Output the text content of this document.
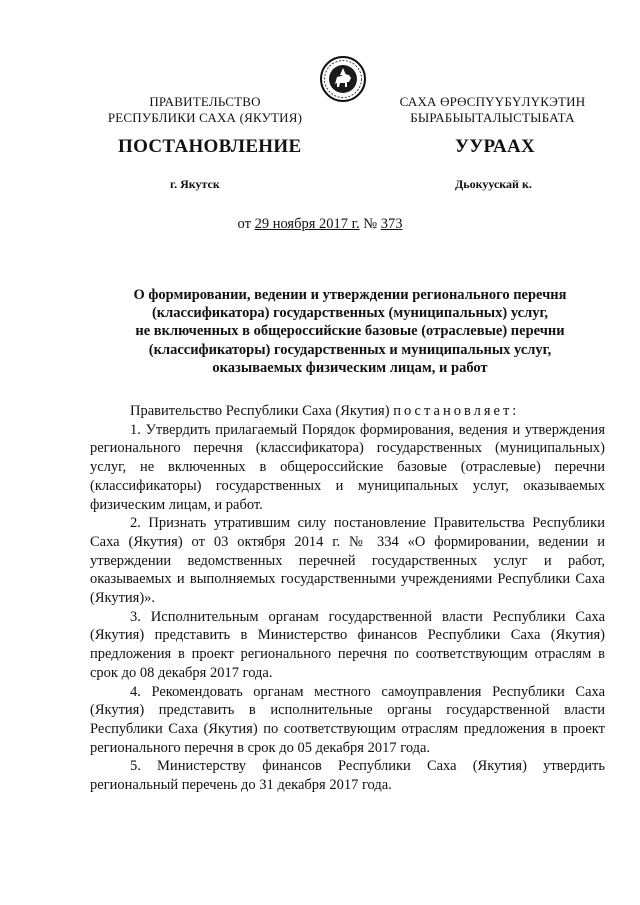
ПРАВИТЕЛЬСТВО
РЕСПУБЛИКИ САХА (ЯКУТИЯ)
САХА ӨРӨСПҮҮБҮЛҮКЭТИН
БЫРАБЫЫТАЛЫСТЫБАТА
ПОСТАНОВЛЕНИЕ	УУРААХ
г. Якутск	Дьокуускай к.
от 29 ноября 2017 г. № 373
О формировании, ведении и утверждении регионального перечня
(классификатора) государственных (муниципальных) услуг,
не включенных в общероссийские базовые (отраслевые) перечни
(классификаторы) государственных и муниципальных услуг,
оказываемых физическим лицам, и работ

Правительство Республики Саха (Якутия) постановляет:

1. Утвердить прилагаемый Порядок формирования, ведения и утверждения регионального перечня (классификатора) государственных (муниципальных) услуг, не включенных в общероссийские базовые (отраслевые) перечни (классификаторы) государственных и муниципальных услуг, оказываемых физическим лицам, и работ.

2. Признать утратившим силу постановление Правительства Республики Саха (Якутия) от 03 октября 2014 г. № 334 «О формировании, ведении и утверждении ведомственных перечней государственных услуг и работ, оказываемых и выполняемых государственными учреждениями Республики Саха (Якутия)».

3. Исполнительным органам государственной власти Республики Саха (Якутия) представить в Министерство финансов Республики Саха (Якутия) предложения в проект регионального перечня по соответствующим отраслям в срок до 08 декабря 2017 года.

4. Рекомендовать органам местного самоуправления Республики Саха (Якутия) представить в исполнительные органы государственной власти Республики Саха (Якутия) по соответствующим отраслям предложения в проект регионального перечня в срок до 05 декабря 2017 года.

5. Министерству финансов Республики Саха (Якутия) утвердить региональный перечень до 31 декабря 2017 года.
